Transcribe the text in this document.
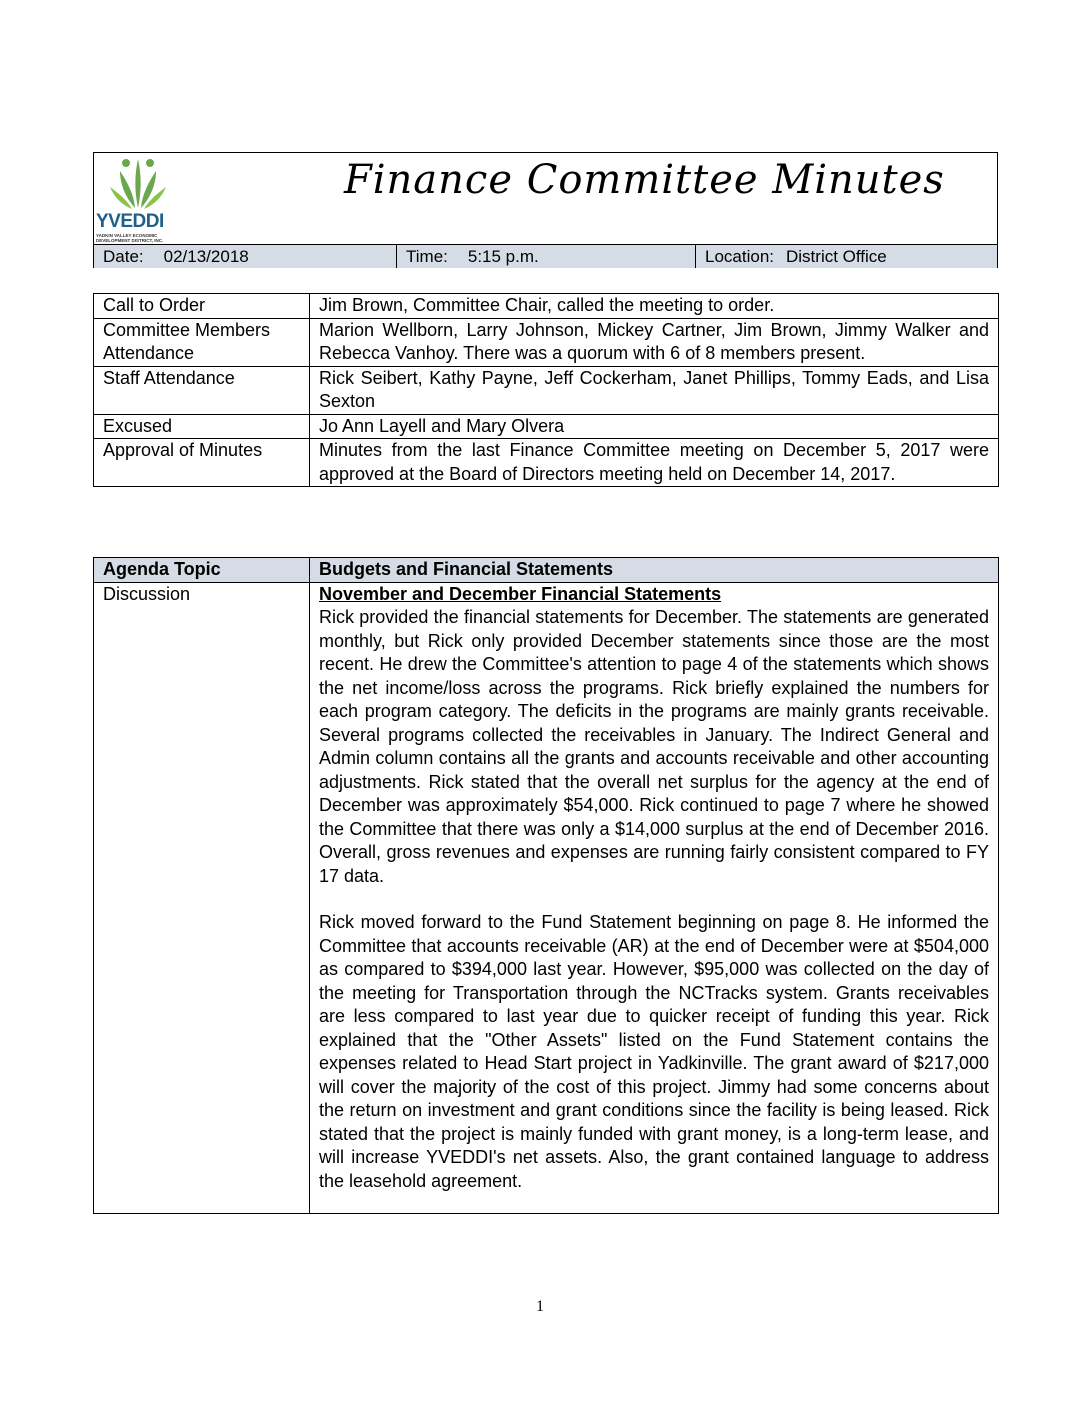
YVEDDI
YADKIN VALLEY ECONOMIC DEVELOPMENT DISTRICT, INC.
Finance Committee Minutes
Date: 02/13/2018	Time: 5:15 p.m.	Location: District Office
Call to Order	Jim Brown, Committee Chair, called the meeting to order.
Committee Members Attendance	Marion Wellborn, Larry Johnson, Mickey Cartner, Jim Brown, Jimmy Walker and Rebecca Vanhoy. There was a quorum with 6 of 8 members present.
Staff Attendance	Rick Seibert, Kathy Payne, Jeff Cockerham, Janet Phillips, Tommy Eads, and Lisa Sexton
Excused	Jo Ann Layell and Mary Olvera
Approval of Minutes	Minutes from the last Finance Committee meeting on December 5, 2017 were approved at the Board of Directors meeting held on December 14, 2017.
Agenda Topic	Budgets and Financial Statements
Discussion	November and December Financial Statements

Rick provided the financial statements for December. The statements are generated monthly, but Rick only provided December statements since those are the most recent. He drew the Committee's attention to page 4 of the statements which shows the net income/loss across the programs. Rick briefly explained the numbers for each program category. The deficits in the programs are mainly grants receivable. Several programs collected the receivables in January. The Indirect General and Admin column contains all the grants and accounts receivable and other accounting adjustments. Rick stated that the overall net surplus for the agency at the end of December was approximately $54,000. Rick continued to page 7 where he showed the Committee that there was only a $14,000 surplus at the end of December 2016. Overall, gross revenues and expenses are running fairly consistent compared to FY 17 data.

Rick moved forward to the Fund Statement beginning on page 8. He informed the Committee that accounts receivable (AR) at the end of December were at $504,000 as compared to $394,000 last year. However, $95,000 was collected on the day of the meeting for Transportation through the NCTracks system. Grants receivables are less compared to last year due to quicker receipt of funding this year. Rick explained that the "Other Assets" listed on the Fund Statement contains the expenses related to Head Start project in Yadkinville. The grant award of $217,000 will cover the majority of the cost of this project. Jimmy had some concerns about the return on investment and grant conditions since the facility is being leased. Rick stated that the project is mainly funded with grant money, is a long-term lease, and will increase YVEDDI's net assets. Also, the grant contained language to address the leasehold agreement.

1
